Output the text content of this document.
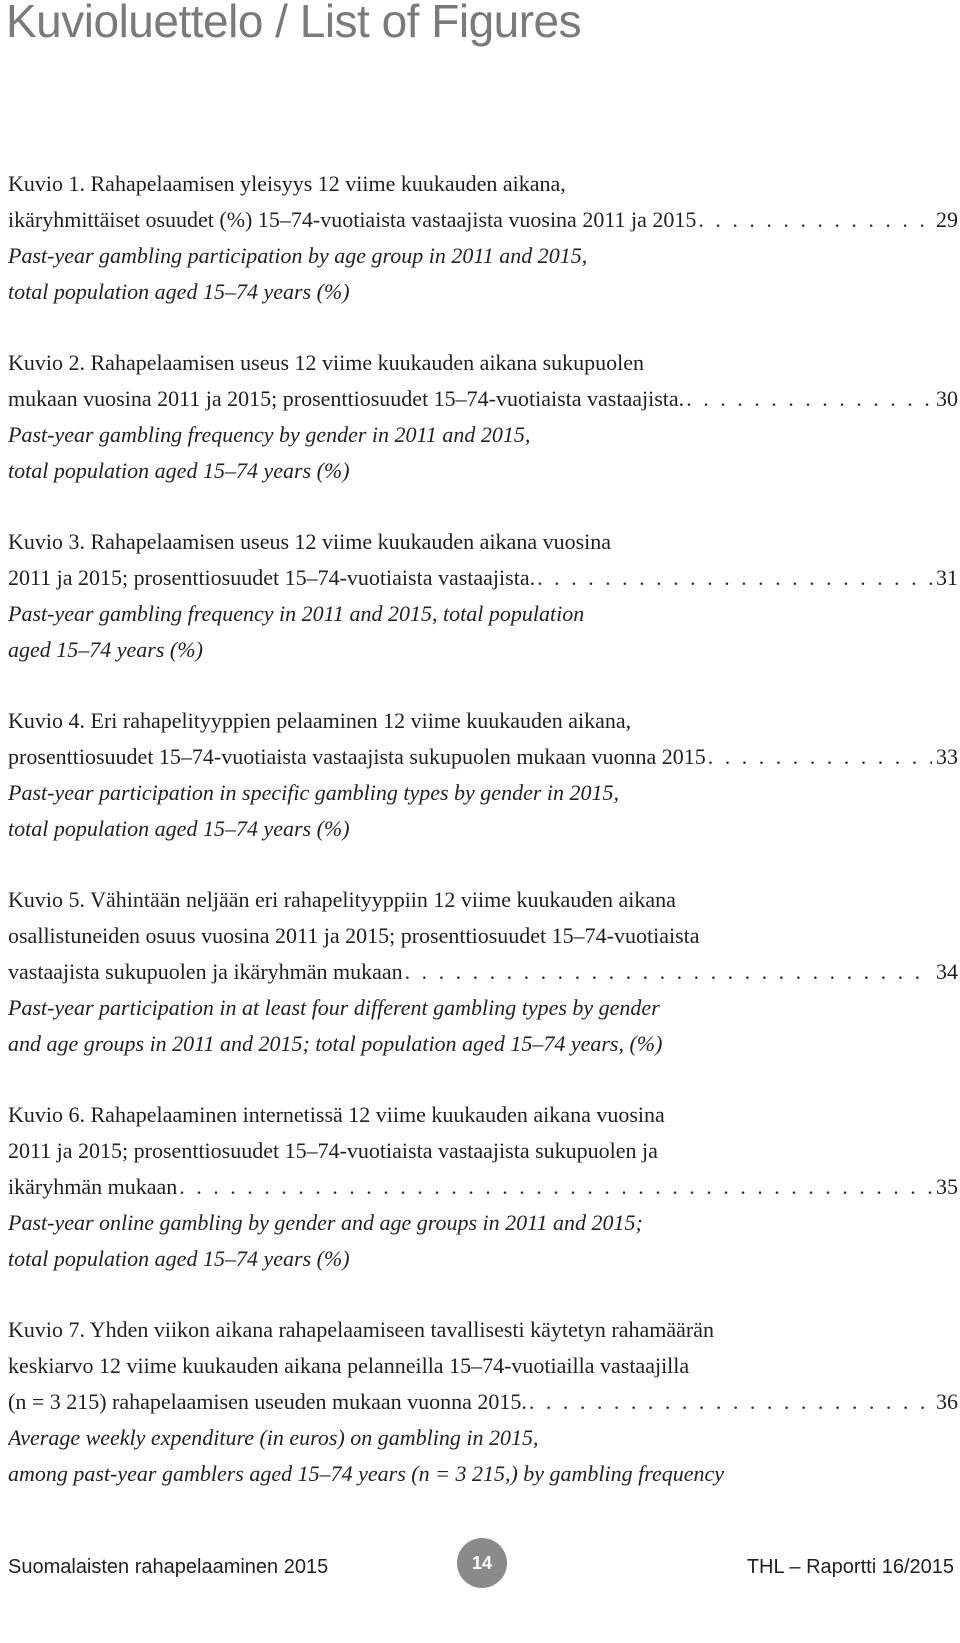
Kuvioluettelo / List of Figures
Kuvio 1. Rahapelaamisen yleisyys 12 viime kuukauden aikana,
ikäryhmittäiset osuudet (%) 15–74-vuotiaista vastaajista vuosina 2011 ja 2015 . . .	29
Past-year gambling participation by age group in 2011 and 2015,
total population aged 15–74 years (%)
Kuvio 2. Rahapelaamisen useus 12 viime kuukauden aikana sukupuolen
mukaan vuosina 2011 ja 2015; prosenttiosuudet 15–74-vuotiaista vastaajista. . . .	30
Past-year gambling frequency by gender in 2011 and 2015,
total population aged 15–74 years (%)
Kuvio 3. Rahapelaamisen useus 12 viime kuukauden aikana vuosina
2011 ja 2015; prosenttiosuudet 15–74-vuotiaista vastaajista. . . .	31
Past-year gambling frequency in 2011 and 2015, total population
aged 15–74 years (%)
Kuvio 4. Eri rahapelityyppien pelaaminen 12 viime kuukauden aikana,
prosenttiosuudet 15–74-vuotiaista vastaajista sukupuolen mukaan vuonna 2015 . . .	33
Past-year participation in specific gambling types by gender in 2015,
total population aged 15–74 years (%)
Kuvio 5. Vähintään neljään eri rahapelityyppiin 12 viime kuukauden aikana
osallistuneiden osuus vuosina 2011 ja 2015; prosenttiosuudet 15–74-vuotiaista
vastaajista sukupuolen ja ikäryhmän mukaan . . .	34
Past-year participation in at least four different gambling types by gender
and age groups in 2011 and 2015; total population aged 15–74 years, (%)
Kuvio 6. Rahapelaaminen internetissä 12 viime kuukauden aikana vuosina
2011 ja 2015; prosenttiosuudet 15–74-vuotiaista vastaajista sukupuolen ja
ikäryhmän mukaan . . .	35
Past-year online gambling by gender and age groups in 2011 and 2015;
total population aged 15–74 years (%)
Kuvio 7. Yhden viikon aikana rahapelaamiseen tavallisesti käytetyn rahamäärän
keskiarvo 12 viime kuukauden aikana pelanneilla 15–74-vuotiailla vastaajilla
(n = 3 215) rahapelaamisen useuden mukaan vuonna 2015. . . .	36
Average weekly expenditure (in euros) on gambling in 2015,
among past-year gamblers aged 15–74 years (n = 3 215,) by gambling frequency
Suomalaisten rahapelaaminen 2015	14	THL – Raportti 16/2015
